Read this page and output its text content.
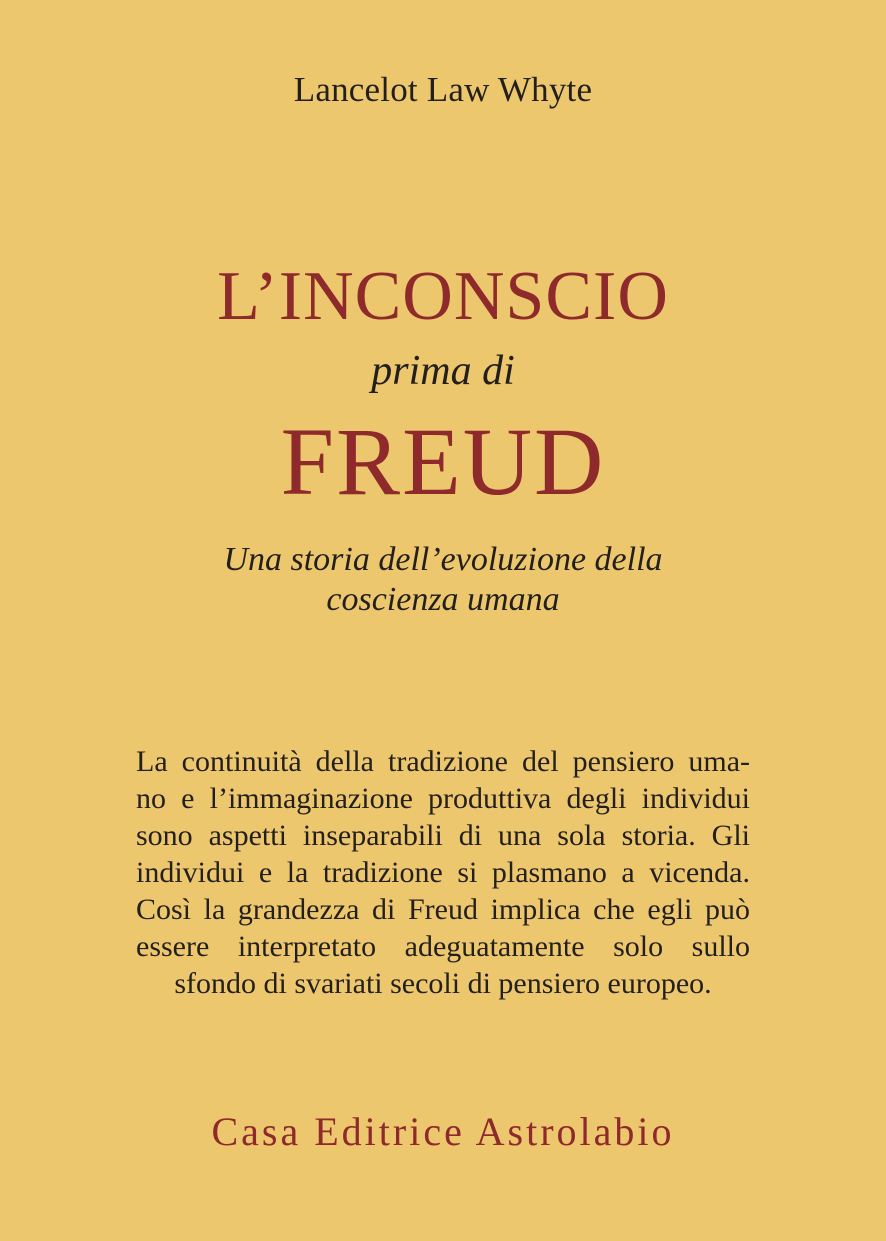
Lancelot Law Whyte
L’INCONSCIO
prima di
FREUD
Una storia dell’evoluzione della
coscienza umana
La continuità della tradizione del pensiero uma-
no e l’immaginazione produttiva degli individui
sono aspetti inseparabili di una sola storia. Gli
individui e la tradizione si plasmano a vicenda.
Così la grandezza di Freud implica che egli può
essere interpretato adeguatamente solo sullo
sfondo di svariati secoli di pensiero europeo.
Casa Editrice Astrolabio
